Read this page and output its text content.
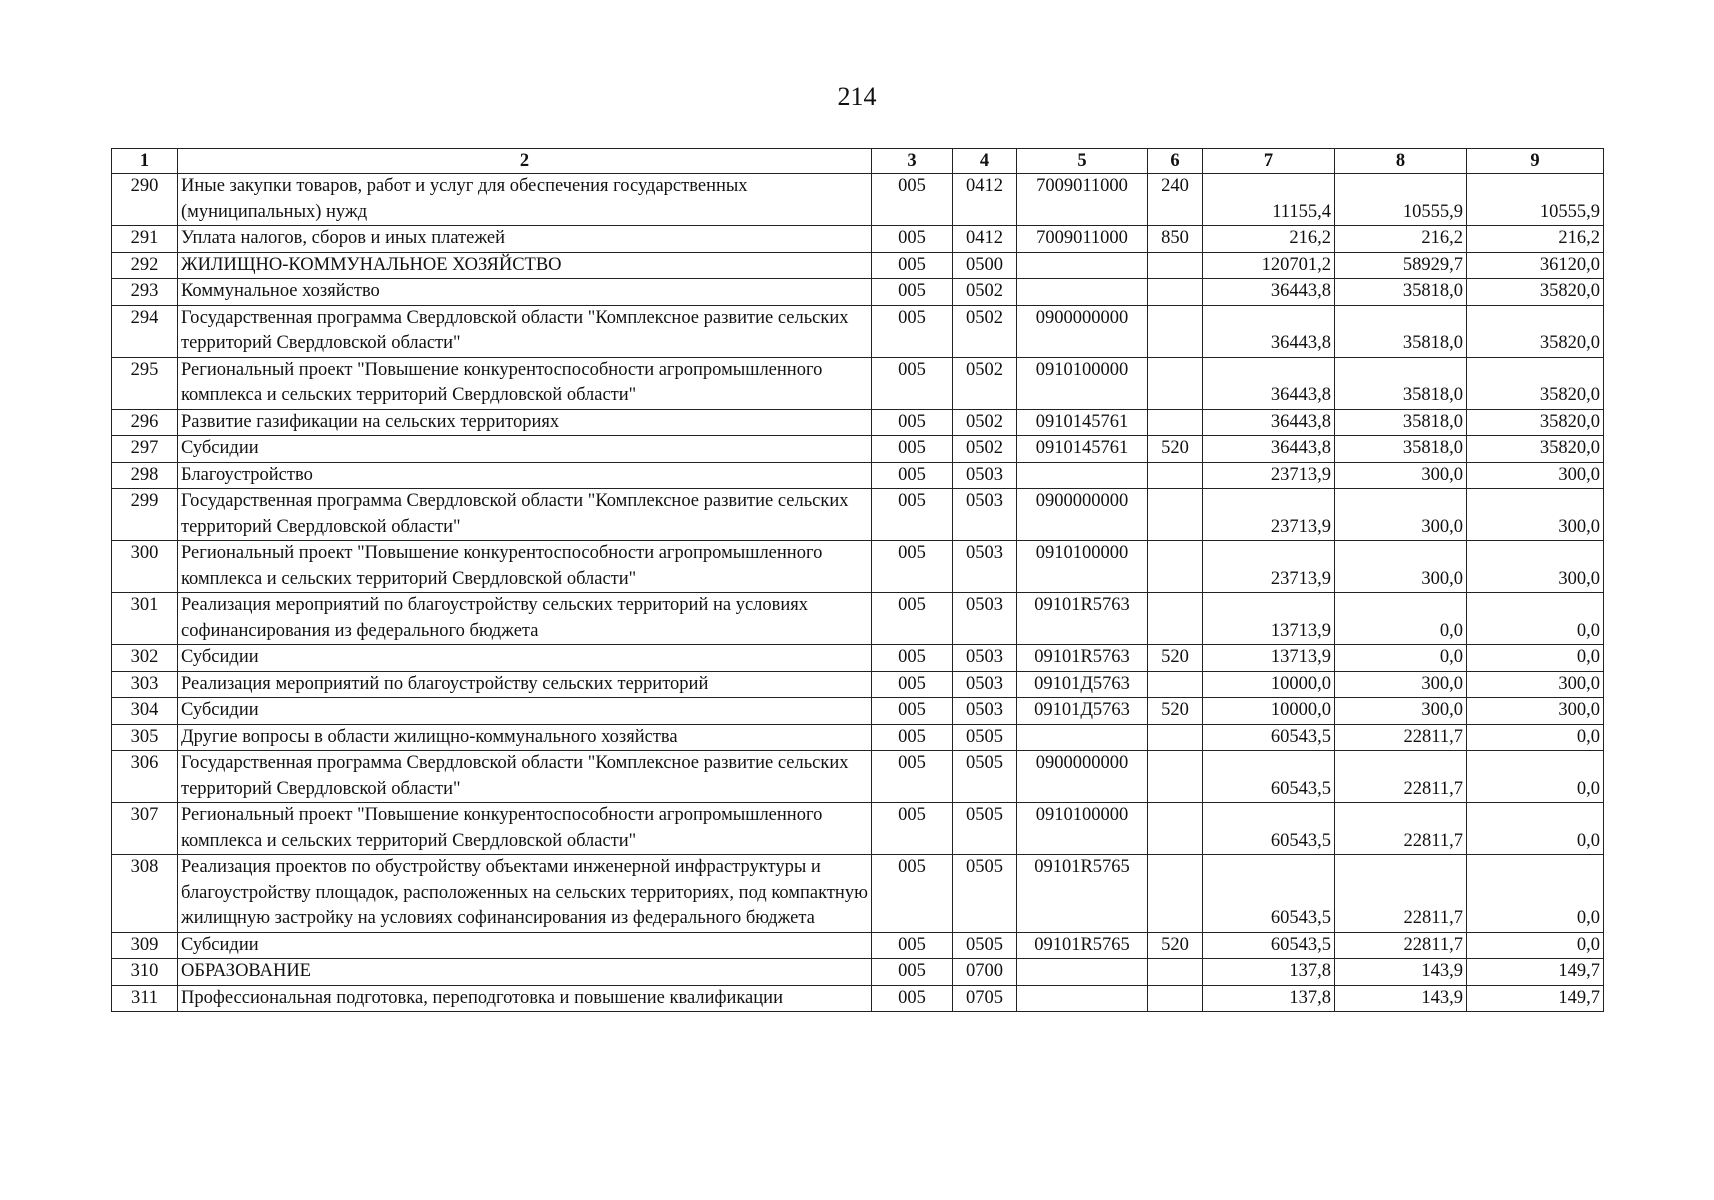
214
1	2	3	4	5	6	7	8	9
290	Иные закупки товаров, работ и услуг для обеспечения государственных (муниципальных) нужд	005	0412	7009011000	240	11155,4	10555,9	10555,9
291	Уплата налогов, сборов и иных платежей	005	0412	7009011000	850	216,2	216,2	216,2
292	ЖИЛИЩНО-КОММУНАЛЬНОЕ ХОЗЯЙСТВО	005	0500			120701,2	58929,7	36120,0
293	Коммунальное хозяйство	005	0502			36443,8	35818,0	35820,0
294	Государственная программа Свердловской области "Комплексное развитие сельских территорий Свердловской области"	005	0502	0900000000		36443,8	35818,0	35820,0
295	Региональный проект "Повышение конкурентоспособности агропромышленного комплекса и сельских территорий Свердловской области"	005	0502	0910100000		36443,8	35818,0	35820,0
296	Развитие газификации на сельских территориях	005	0502	0910145761		36443,8	35818,0	35820,0
297	Субсидии	005	0502	0910145761	520	36443,8	35818,0	35820,0
298	Благоустройство	005	0503			23713,9	300,0	300,0
299	Государственная программа Свердловской области "Комплексное развитие сельских территорий Свердловской области"	005	0503	0900000000		23713,9	300,0	300,0
300	Региональный проект "Повышение конкурентоспособности агропромышленного комплекса и сельских территорий Свердловской области"	005	0503	0910100000		23713,9	300,0	300,0
301	Реализация мероприятий по благоустройству сельских территорий на условиях софинансирования из федерального бюджета	005	0503	09101R5763		13713,9	0,0	0,0
302	Субсидии	005	0503	09101R5763	520	13713,9	0,0	0,0
303	Реализация мероприятий по благоустройству сельских территорий	005	0503	09101Д5763		10000,0	300,0	300,0
304	Субсидии	005	0503	09101Д5763	520	10000,0	300,0	300,0
305	Другие вопросы в области жилищно-коммунального хозяйства	005	0505			60543,5	22811,7	0,0
306	Государственная программа Свердловской области "Комплексное развитие сельских территорий Свердловской области"	005	0505	0900000000		60543,5	22811,7	0,0
307	Региональный проект "Повышение конкурентоспособности агропромышленного комплекса и сельских территорий Свердловской области"	005	0505	0910100000		60543,5	22811,7	0,0
308	Реализация проектов по обустройству объектами инженерной инфраструктуры и благоустройству площадок, расположенных на сельских территориях, под компактную жилищную застройку на условиях софинансирования из федерального бюджета	005	0505	09101R5765		60543,5	22811,7	0,0
309	Субсидии	005	0505	09101R5765	520	60543,5	22811,7	0,0
310	ОБРАЗОВАНИЕ	005	0700			137,8	143,9	149,7
311	Профессиональная подготовка, переподготовка и повышение квалификации	005	0705			137,8	143,9	149,7
